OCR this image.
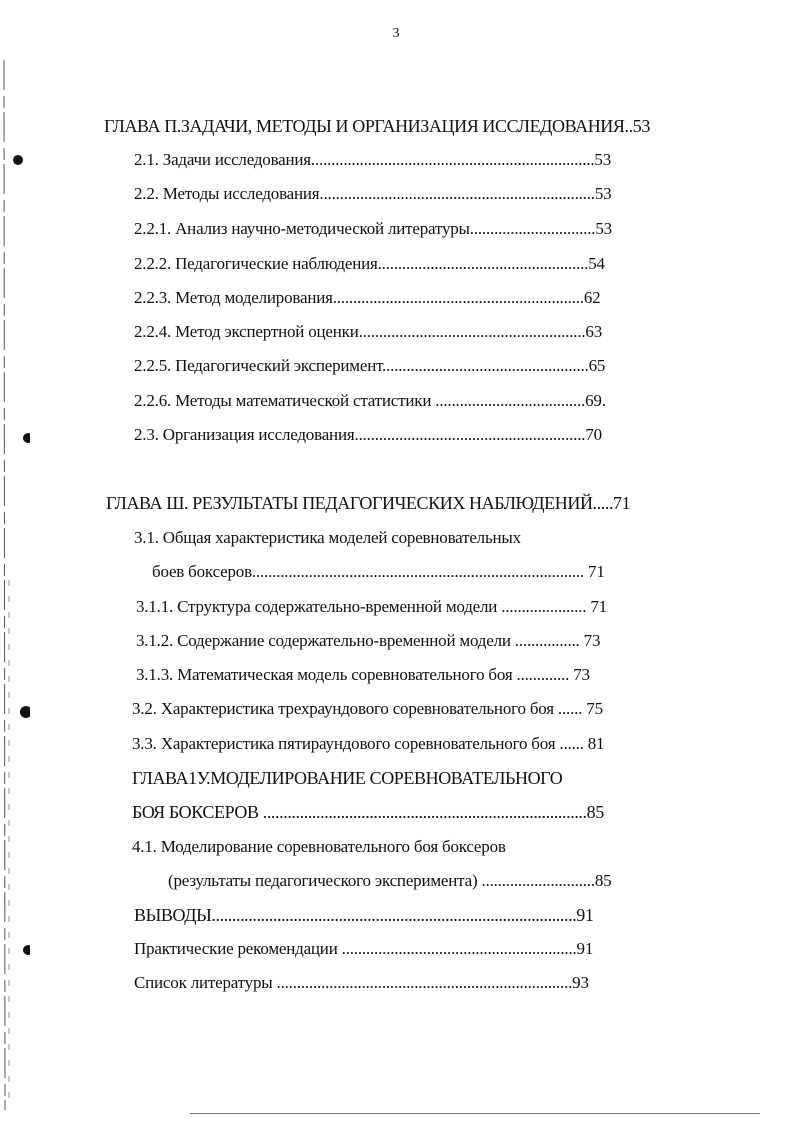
3
ГЛАВА П.ЗАДАЧИ, МЕТОДЫ И ОРГАНИЗАЦИЯ ИССЛЕДОВАНИЯ..53
2.1. Задачи исследования......................................................................53
2.2. Методы исследования....................................................................53
2.2.1. Анализ научно-методической литературы...............................53
2.2.2. Педагогические наблюдения....................................................54
2.2.3. Метод моделирования..............................................................62
2.2.4. Метод экспертной оценки........................................................63
2.2.5. Педагогический эксперимент...................................................65
2.2.6. Методы математической статистики .....................................69.
2.3. Организация исследования.........................................................70
ГЛАВА Ш. РЕЗУЛЬТАТЫ ПЕДАГОГИЧЕСКИХ НАБЛЮДЕНИЙ.....71
3.1. Общая характеристика моделей соревновательных
боев боксеров.................................................................................. 71
3.1.1. Структура содержательно-временной модели ..................... 71
3.1.2. Содержание содержательно-временной модели ................ 73
3.1.3. Математическая модель соревновательного боя ............. 73
3.2. Характеристика трехраундового соревновательного боя ...... 75
3.3. Характеристика пятираундового соревновательного боя ...... 81
ГЛАВА1У.МОДЕЛИРОВАНИЕ СОРЕВНОВАТЕЛЬНОГО
БОЯ БОКСЕРОВ ...............................................................................85
4.1. Моделирование соревновательного боя боксеров
(результаты педагогического эксперимента) ............................85
ВЫВОДЫ.........................................................................................91
Практические рекомендации ..........................................................91
Список литературы .........................................................................93
